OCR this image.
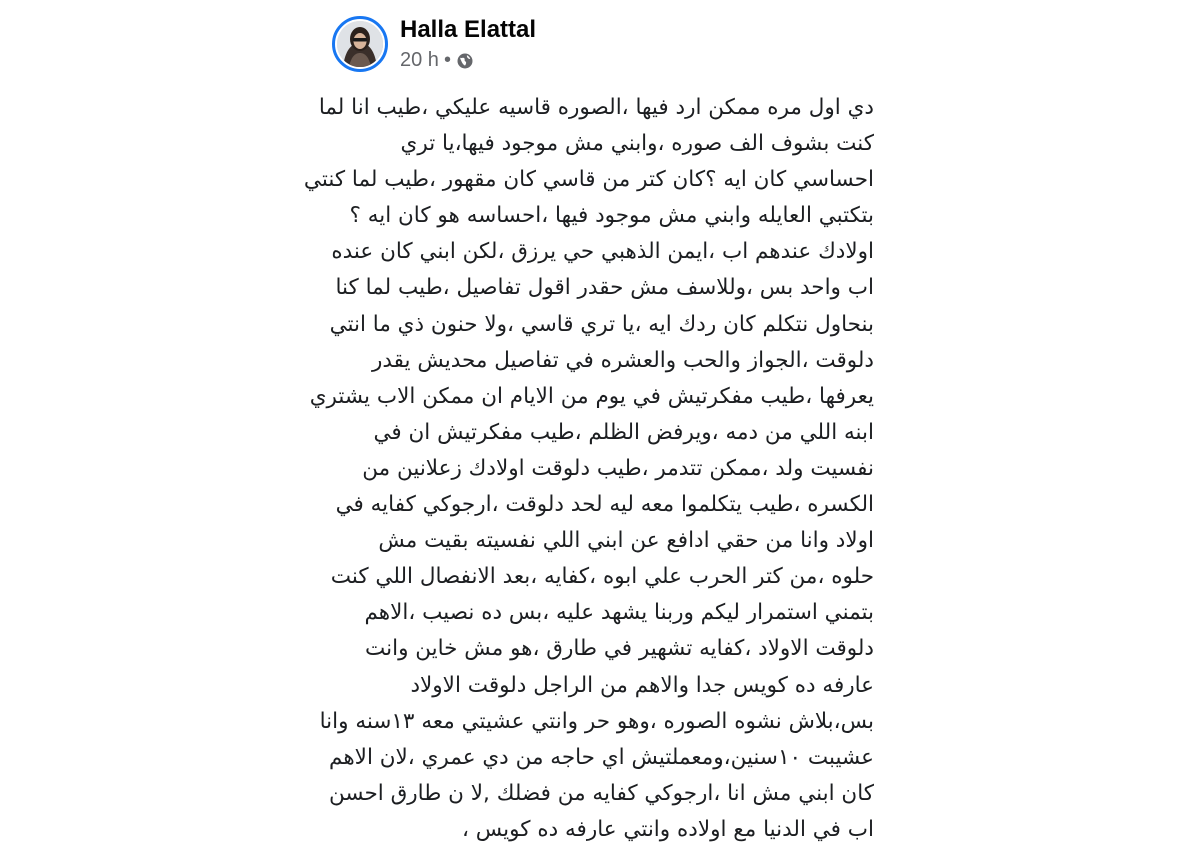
Halla Elattal
20 h •
دي اول مره ممكن ارد فيها ،الصوره قاسيه عليكي ،طيب انا لما
كنت بشوف الف صوره ،وابني مش موجود فيها،يا تري
احساسي كان ايه ؟كان كتر من قاسي كان مقهور ،طيب لما كنتي
بتكتبي العايله وابني مش موجود فيها ،احساسه هو كان ايه ؟
اولادك عندهم اب ،ايمن الذهبي حي يرزق ،لكن ابني كان عنده
اب واحد بس ،وللاسف مش حقدر اقول تفاصيل ،طيب لما كنا
بنحاول نتكلم كان ردك ايه ،يا تري قاسي ،ولا حنون ذي ما انتي
دلوقت ،الجواز والحب والعشره في تفاصيل محديش يقدر
يعرفها ،طيب مفكرتيش في يوم من الايام ان ممكن الاب يشتري
ابنه اللي من دمه ،ويرفض الظلم ،طيب مفكرتيش ان في
نفسيت ولد ،ممكن تتدمر ،طيب دلوقت اولادك زعلانين من
الكسره ،طيب يتكلموا معه ليه لحد دلوقت ،ارجوكي كفايه في
اولاد وانا من حقي ادافع عن ابني اللي نفسيته بقيت مش
حلوه ،من كتر الحرب علي ابوه ،كفايه ،بعد الانفصال اللي كنت
بتمني استمرار ليكم وربنا يشهد عليه ،بس ده نصيب ،الاهم
دلوقت الاولاد ،كفايه تشهير في طارق ،هو مش خاين وانت
عارفه ده كويس جدا والاهم من الراجل دلوقت الاولاد
بس،بلاش نشوه الصوره ،وهو حر وانتي عشيتي معه ١٣سنه وانا
عشيبت ١٠سنين،ومعملتيش اي حاجه من دي عمري ،لان الاهم
كان ابني مش انا ،ارجوكي كفايه من فضلك ,لا ن طارق احسن
اب في الدنيا مع اولاده وانتي عارفه ده كويس ،
